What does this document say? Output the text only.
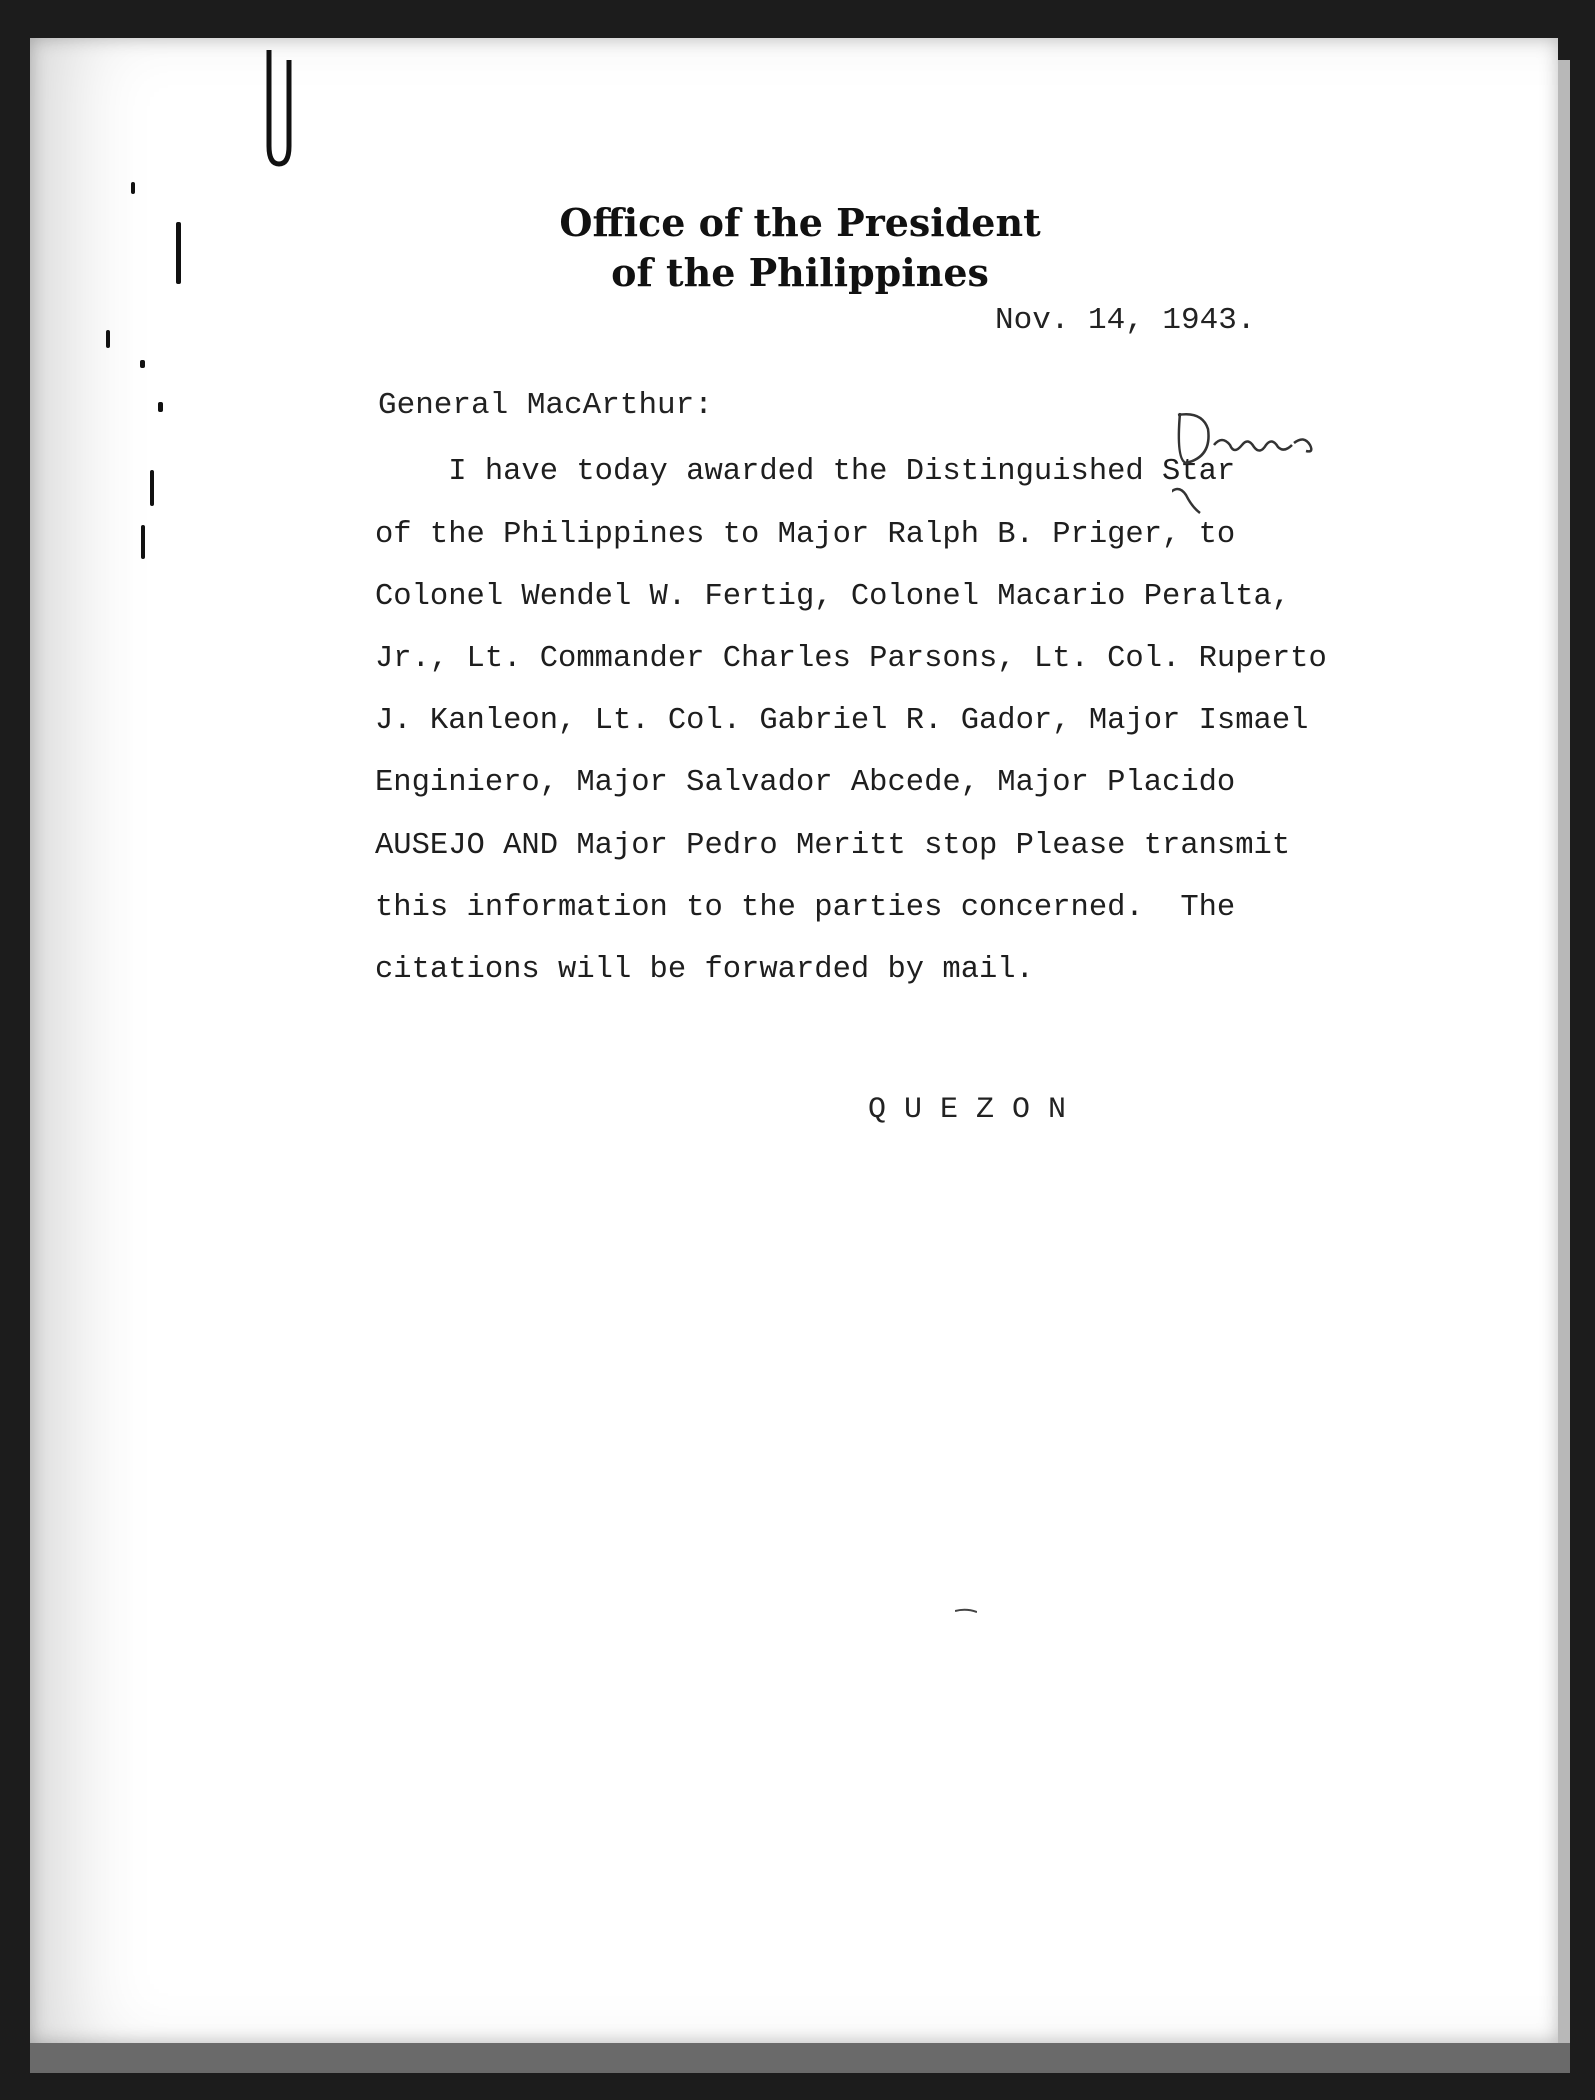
Office of the President
of the Philippines
Nov. 14, 1943.
General MacArthur:
I have today awarded the Distinguished Star
of the Philippines to Major Ralph B. Priger, to
Colonel Wendel W. Fertig, Colonel Macario Peralta,
Jr., Lt. Commander Charles Parsons, Lt. Col. Ruperto
J. Kanleon, Lt. Col. Gabriel R. Gador, Major Ismael
Enginiero, Major Salvador Abcede, Major Placido
AUSEJO AND Major Pedro Meritt stop Please transmit
this information to the parties concerned.  The
citations will be forwarded by mail.
Q U E Z O N
